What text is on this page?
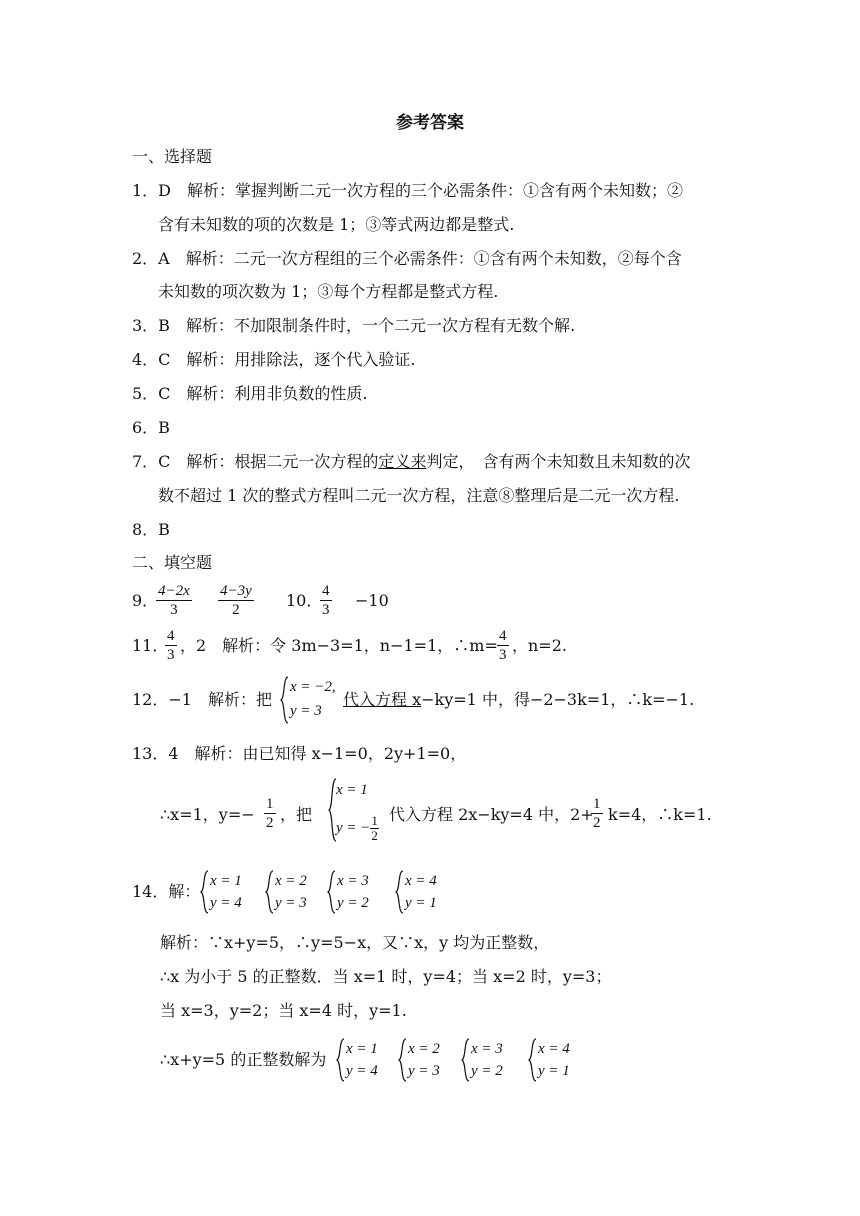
参考答案
一、选择题
1．D　解析：掌握判断二元一次方程的三个必需条件：①含有两个未知数；②
含有未知数的项的次数是 1；③等式两边都是整式.
2．A　解析：二元一次方程组的三个必需条件：①含有两个未知数，②每个含
未知数的项次数为 1；③每个方程都是整式方程.
3．B　解析：不加限制条件时，一个二元一次方程有无数个解.
4．C　解析：用排除法，逐个代入验证.
5．C　解析：利用非负数的性质.
6．B
7．C　解析：根据二元一次方程的定义来判定，　含有两个未知数且未知数的次
数不超过 1 次的整式方程叫二元一次方程，注意⑧整理后是二元一次方程.
8．B
二、填空题
9．
$\frac{4-2x}{3} \frac{4-3y}{2} 10$．
$\frac{4}{3} -10$
11．
$\frac{4}{3}$ ，2　解析：令 3m−3=1，n−1=1，∴m= $\frac{4}{3}$ ，n=2.
12．−1　解析：把
x = −2,
y = 3
代入方程 x−ky=1 中，得−2−3k=1，∴k=−1.
13．4　解析：由已知得 x−1=0，2y+1=0，
∴x=1，$y=- \frac{1}{2}$ ，把
x = 1
y = − $\frac{1}{2}$ 代入方程 2x−ky=4 中，2+
$\frac{1}{2} k=4$，∴k=1.
14．解：
x = 1
y = 4
x = 2
y = 3
x = 3
y = 2
x = 4
y = 1
解析：∵x+y=5，∴y=5−x，又∵x，y 均为正整数，
∴x 为小于 5 的正整数．当 x=1 时，y=4；当 x=2 时，y=3；
当 x=3，y=2；当 x=4 时，y=1.
∴x+y=5 的正整数解为
x = 1
y = 4
x = 2
y = 3
x = 3
y = 2
x = 4
y = 1
